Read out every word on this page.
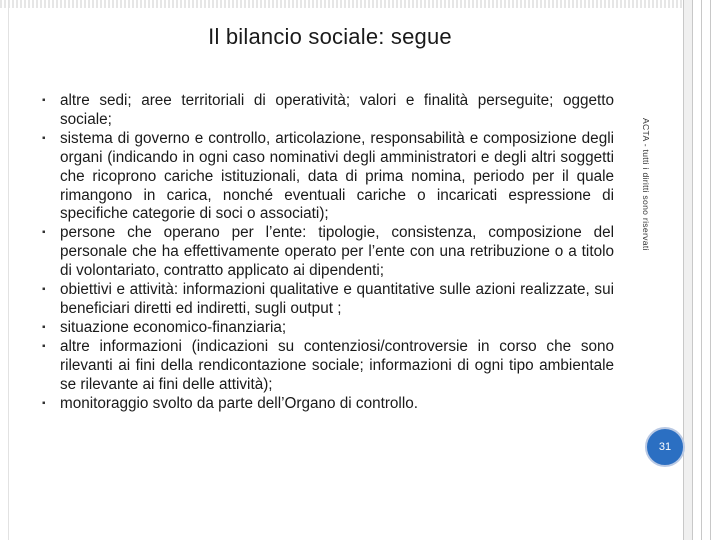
Il bilancio sociale: segue
▪ altre sedi; aree territoriali di operatività; valori e finalità perseguite; oggetto sociale;
▪ sistema di governo e controllo, articolazione, responsabilità e composizione degli organi (indicando in ogni caso nominativi degli amministratori e degli altri soggetti che ricoprono cariche istituzionali, data di prima nomina, periodo per il quale rimangono in carica, nonché eventuali cariche o incaricati espressione di specifiche categorie di soci o associati);
▪ persone che operano per l’ente: tipologie, consistenza, composizione del personale che ha effettivamente operato per l’ente con una retribuzione o a titolo di volontariato, contratto applicato ai dipendenti;
▪ obiettivi e attività: informazioni qualitative e quantitative sulle azioni realizzate, sui beneficiari diretti ed indiretti, sugli output ;
▪ situazione economico-finanziaria;
▪ altre informazioni (indicazioni su contenziosi/controversie in corso che sono rilevanti ai fini della rendicontazione sociale; informazioni di ogni tipo ambientale se rilevante ai fini delle attività);
▪ monitoraggio svolto da parte dell’Organo di controllo.
ACTA - tutti i diritti sono riservati
31
